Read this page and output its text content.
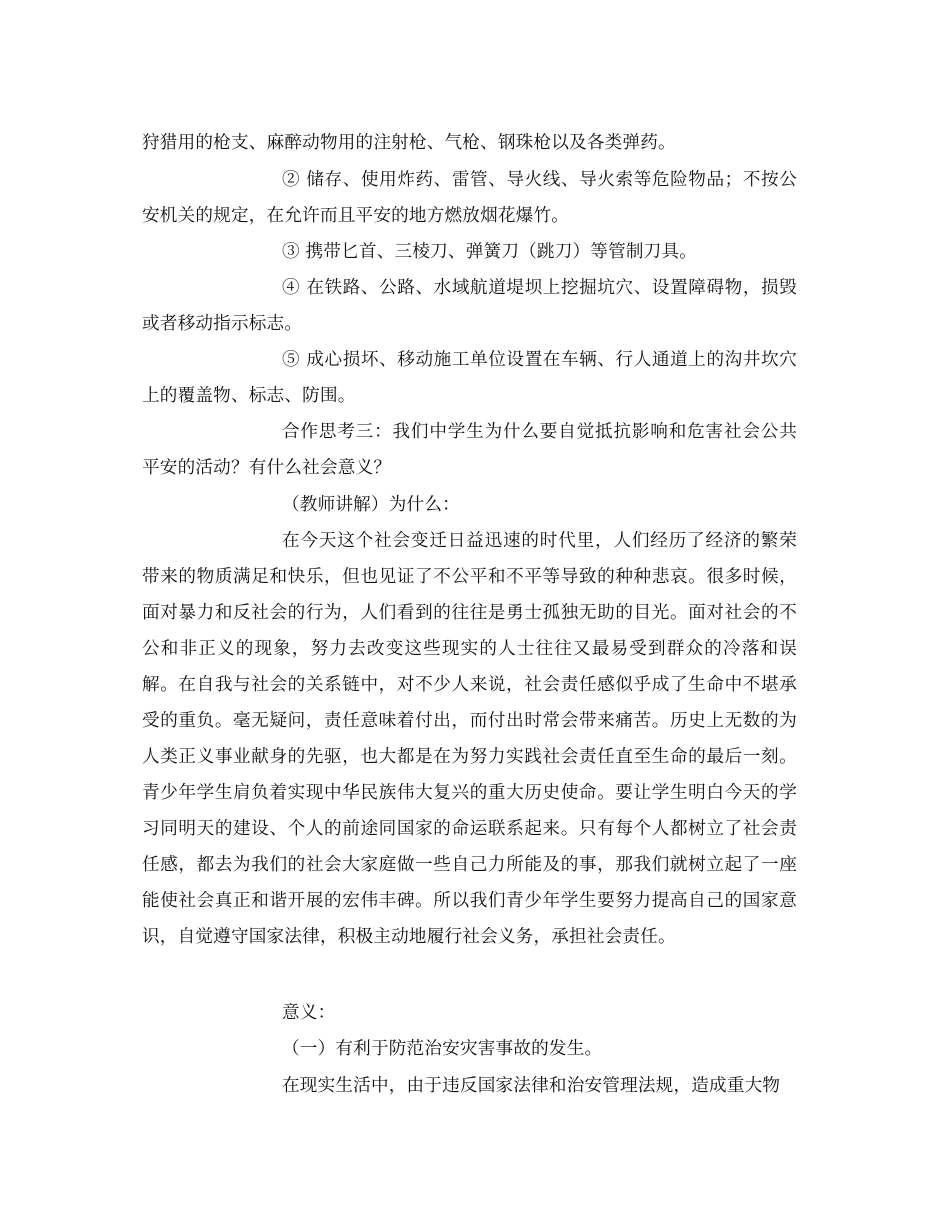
狩猎用的枪支、麻醉动物用的注射枪、气枪、钢珠枪以及各类弹药。

② 储存、使用炸药、雷管、导火线、导火索等危险物品；不按公安机关的规定，在允许而且平安的地方燃放烟花爆竹。

③ 携带匕首、三棱刀、弹簧刀（跳刀）等管制刀具。

④ 在铁路、公路、水域航道堤坝上挖掘坑穴、设置障碍物，损毁或者移动指示标志。

⑤ 成心损坏、移动施工单位设置在车辆、行人通道上的沟井坎穴上的覆盖物、标志、防围。

合作思考三：我们中学生为什么要自觉抵抗影响和危害社会公共平安的活动？有什么社会意义？

（教师讲解）为什么：

在今天这个社会变迁日益迅速的时代里，人们经历了经济的繁荣带来的物质满足和快乐，但也见证了不公平和不平等导致的种种悲哀。很多时候，面对暴力和反社会的行为，人们看到的往往是勇士孤独无助的目光。面对社会的不公和非正义的现象，努力去改变这些现实的人士往往又最易受到群众的冷落和误解。在自我与社会的关系链中，对不少人来说，社会责任感似乎成了生命中不堪承受的重负。毫无疑问，责任意味着付出，而付出时常会带来痛苦。历史上无数的为人类正义事业献身的先驱，也大都是在为努力实践社会责任直至生命的最后一刻。青少年学生肩负着实现中华民族伟大复兴的重大历史使命。要让学生明白今天的学习同明天的建设、个人的前途同国家的命运联系起来。只有每个人都树立了社会责任感，都去为我们的社会大家庭做一些自己力所能及的事，那我们就树立起了一座能使社会真正和谐开展的宏伟丰碑。所以我们青少年学生要努力提高自己的国家意识，自觉遵守国家法律，积极主动地履行社会义务，承担社会责任。

意义：

（一）有利于防范治安灾害事故的发生。

在现实生活中，由于违反国家法律和治安管理法规，造成重大物
